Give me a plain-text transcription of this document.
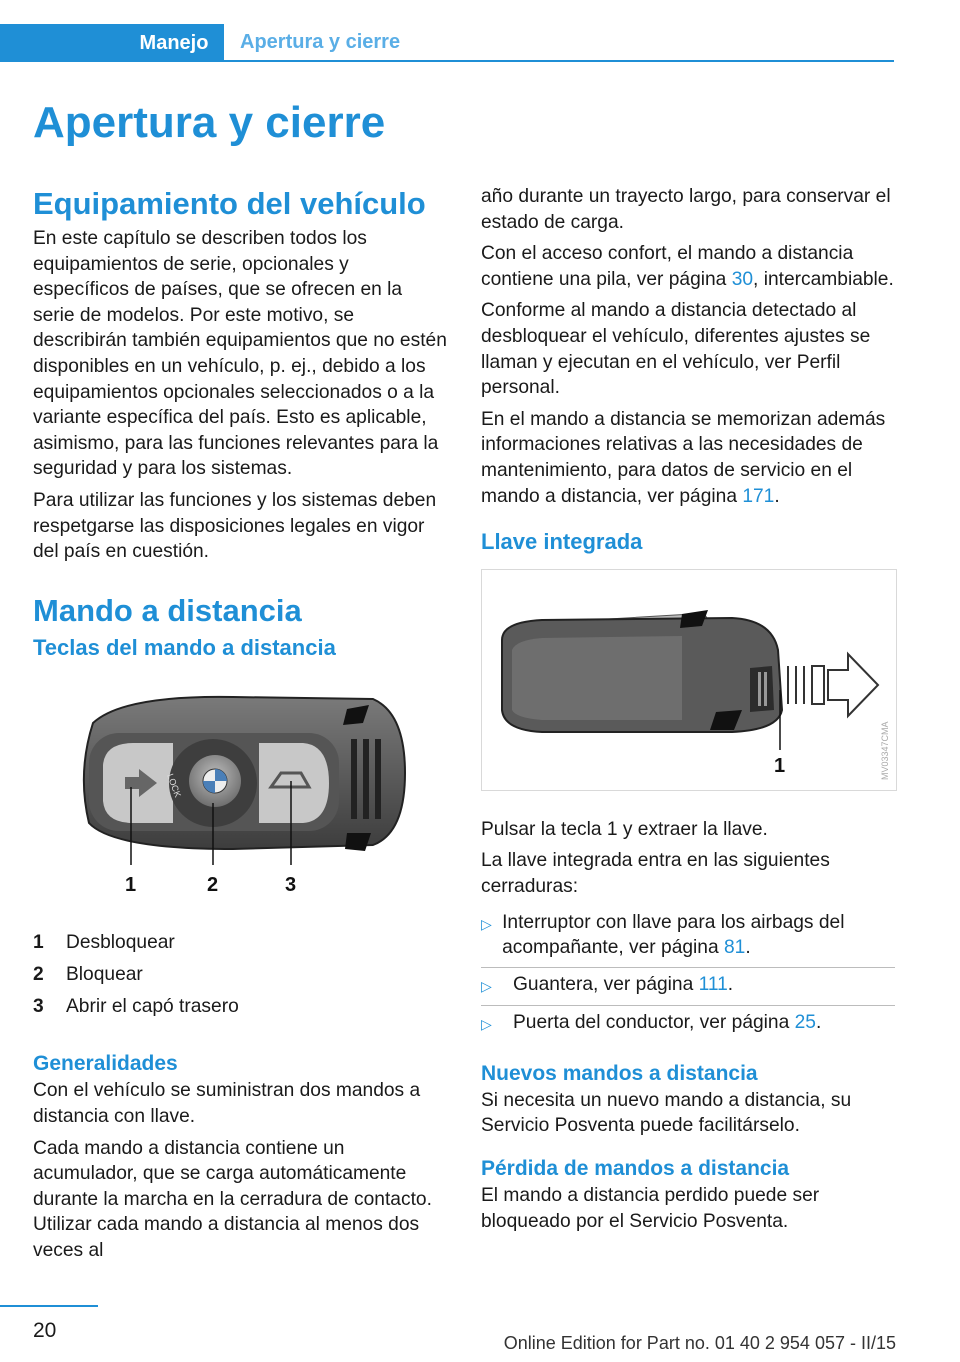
Manejo	Apertura y cierre
Apertura y cierre
Equipamiento del vehículo

En este capítulo se describen todos los equipamientos de serie, opcionales y específicos de países, que se ofrecen en la serie de modelos. Por este motivo, se describirán también equipamientos que no estén disponibles en un vehículo, p. ej., debido a los equipamientos opcionales seleccionados o a la variante específica del país. Esto es aplicable, asimismo, para las funciones relevantes para la seguridad y para los sistemas.

Para utilizar las funciones y los sistemas deben respetgarse las disposiciones legales en vigor del país en cuestión.

Mando a distancia
Teclas del mando a distancia
LOCK
1	2	3
1	Desbloquear
2	Bloquear
3	Abrir el capó trasero
Generalidades

Con el vehículo se suministran dos mandos a distancia con llave.

Cada mando a distancia contiene un acumulador, que se carga automáticamente durante la marcha en la cerradura de contacto. Utilizar cada mando a distancia al menos dos veces al

año durante un trayecto largo, para conservar el estado de carga.

Con el acceso confort, el mando a distancia contiene una pila, ver página 30, intercambiable.

Conforme al mando a distancia detectado al desbloquear el vehículo, diferentes ajustes se llaman y ejecutan en el vehículo, ver Perfil personal.

En el mando a distancia se memorizan además informaciones relativas a las necesidades de mantenimiento, para datos de servicio en el mando a distancia, ver página 171.

Llave integrada
1	MV03347CMA

Pulsar la tecla 1 y extraer la llave.

La llave integrada entra en las siguientes cerraduras:

▷ Interruptor con llave para los airbags del acompañante, ver página 81.
▷	Guantera, ver página 111.
▷	Puerta del conductor, ver página 25.
Nuevos mandos a distancia

Si necesita un nuevo mando a distancia, su Servicio Posventa puede facilitárselo.

Pérdida de mandos a distancia

El mando a distancia perdido puede ser bloqueado por el Servicio Posventa.

20
Online Edition for Part no. 01 40 2 954 057 - II/15
